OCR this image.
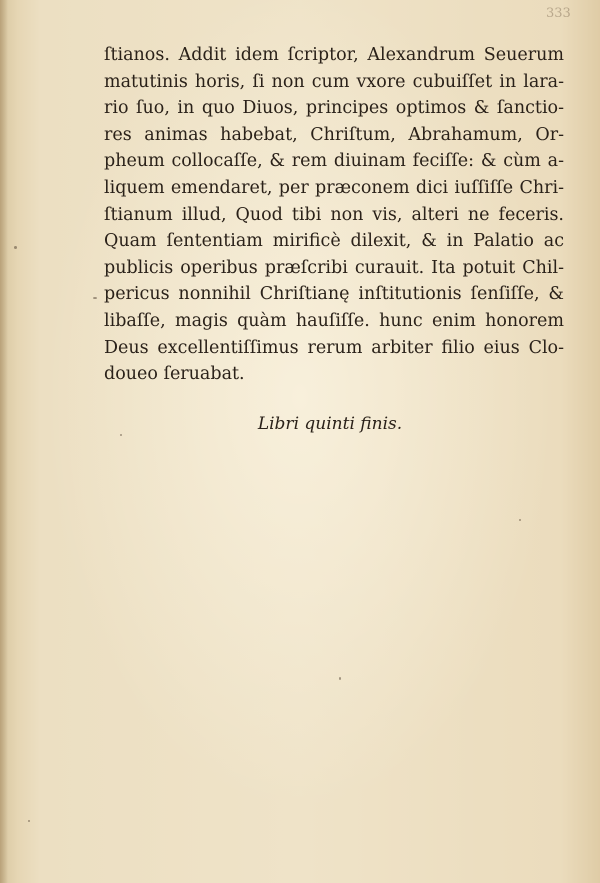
333
ſtianos. Addit idem ſcriptor, Alexandrum Seuerum
matutinis horis, ſi non cum vxore cubuiſſet in lara-
rio ſuo, in quo Diuos, principes optimos & ſanctio-
res animas habebat, Chriſtum, Abrahamum, Or-
pheum collocaſſe, & rem diuinam feciſſe: & cùm a-
liquem emendaret, per præconem dici iuſſiſſe Chri-
ſtianum illud, Quod tibi non vis, alteri ne feceris.
Quam ſententiam mirificè dilexit, & in Palatio ac
publicis operibus præſcribi curauit. Ita potuit Chil-
pericus nonnihil Chriſtianę inſtitutionis ſenſiſſe, &
libaſſe, magis quàm hauſiſſe. hunc enim honorem
Deus excellentiſſimus rerum arbiter filio eius Clo-
doueo ſeruabat.
Libri quinti finis.
